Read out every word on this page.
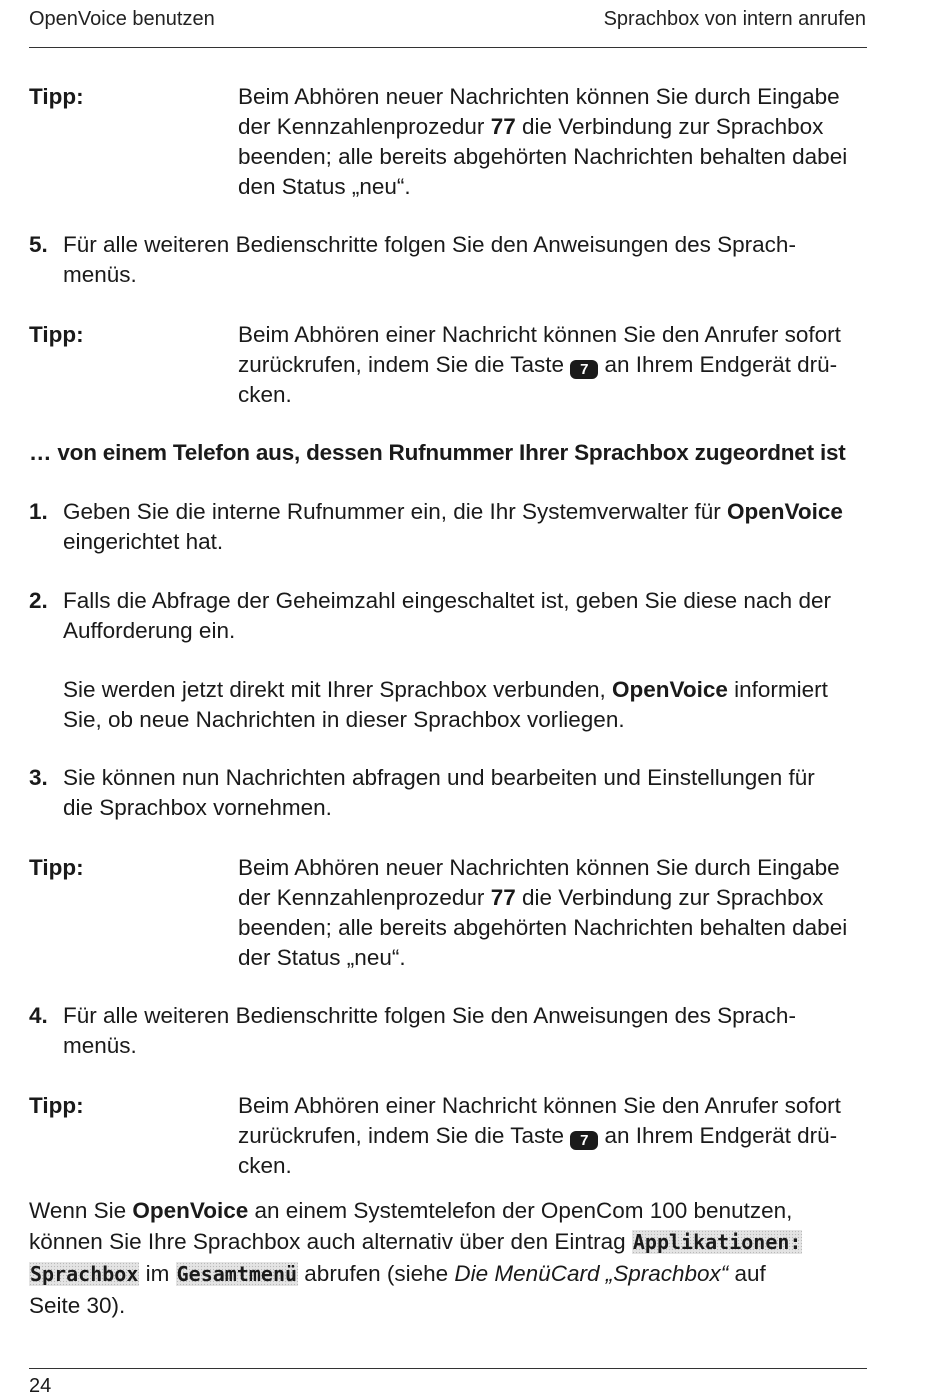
OpenVoice benutzen	Sprachbox von intern anrufen
Tipp:	Beim Abhören neuer Nachrichten können Sie durch Eingabe
der Kennzahlenprozedur 77 die Verbindung zur Sprachbox
beenden; alle bereits abgehörten Nachrichten behalten dabei
den Status „neu“.
5. Für alle weiteren Bedienschritte folgen Sie den Anweisungen des Sprach-
menüs.
Tipp:	Beim Abhören einer Nachricht können Sie den Anrufer sofort
zurückrufen, indem Sie die Taste 7 an Ihrem Endgerät drü-
cken.
… von einem Telefon aus, dessen Rufnummer Ihrer Sprachbox zugeordnet ist
1. Geben Sie die interne Rufnummer ein, die Ihr Systemverwalter für OpenVoice
eingerichtet hat.
2. Falls die Abfrage der Geheimzahl eingeschaltet ist, geben Sie diese nach der
Aufforderung ein.
Sie werden jetzt direkt mit Ihrer Sprachbox verbunden, OpenVoice informiert
Sie, ob neue Nachrichten in dieser Sprachbox vorliegen.
3. Sie können nun Nachrichten abfragen und bearbeiten und Einstellungen für
die Sprachbox vornehmen.
Tipp:	Beim Abhören neuer Nachrichten können Sie durch Eingabe
der Kennzahlenprozedur 77 die Verbindung zur Sprachbox
beenden; alle bereits abgehörten Nachrichten behalten dabei
der Status „neu“.
4. Für alle weiteren Bedienschritte folgen Sie den Anweisungen des Sprach-
menüs.
Tipp:	Beim Abhören einer Nachricht können Sie den Anrufer sofort
zurückrufen, indem Sie die Taste 7 an Ihrem Endgerät drü-
cken.
Wenn Sie OpenVoice an einem Systemtelefon der OpenCom 100 benutzen,
können Sie Ihre Sprachbox auch alternativ über den Eintrag Applikationen:
Sprachbox im Gesamtmenü abrufen (siehe Die MenüCard „Sprachbox“ auf
Seite 30).
24
